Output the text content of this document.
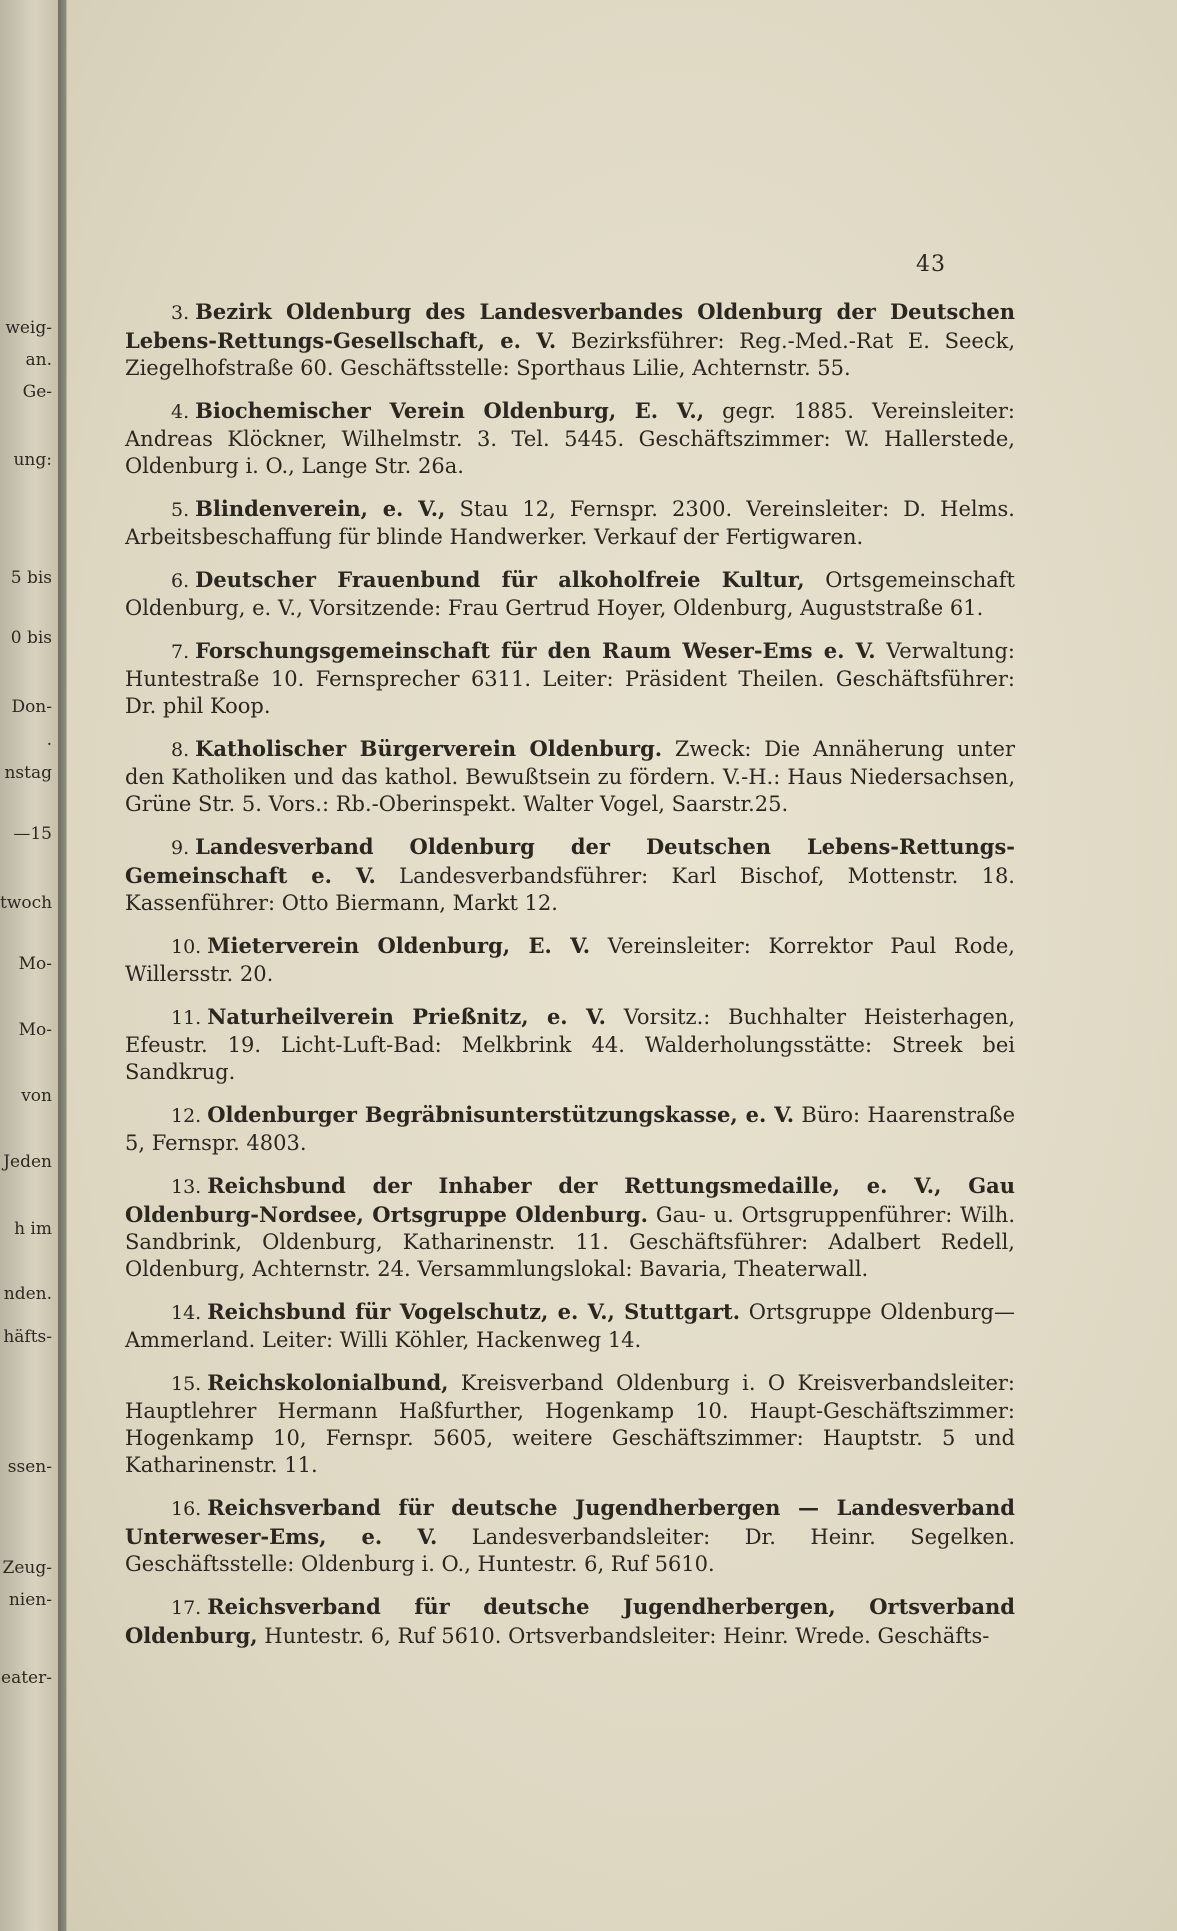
weig-
an.
Ge-
ung:
5 bis
0 bis
Don-
.
nstag
—15
twoch
Mo-
Mo-
von
Jeden
h im
nden.
häfts-
ssen-
Zeug-
nien-
eater-
43
3. Bezirk Oldenburg des Landesverbandes Oldenburg der Deutschen Lebens-Rettungs-Gesellschaft, e. V. Bezirksführer: Reg.-Med.-Rat E. Seeck, Ziegelhofstraße 60. Geschäftsstelle: Sporthaus Lilie, Achternstr. 55.
4. Biochemischer Verein Oldenburg, E. V., gegr. 1885. Vereinsleiter: Andreas Klöckner, Wilhelmstr. 3. Tel. 5445. Geschäftszimmer: W. Hallerstede, Oldenburg i. O., Lange Str. 26a.
5. Blindenverein, e. V., Stau 12, Fernspr. 2300. Vereinsleiter: D. Helms. Arbeitsbeschaffung für blinde Handwerker. Verkauf der Fertigwaren.
6. Deutscher Frauenbund für alkoholfreie Kultur, Ortsgemeinschaft Oldenburg, e. V., Vorsitzende: Frau Gertrud Hoyer, Oldenburg, Auguststraße 61.
7. Forschungsgemeinschaft für den Raum Weser-Ems e. V. Verwaltung: Huntestraße 10. Fernsprecher 6311. Leiter: Präsident Theilen. Geschäftsführer: Dr. phil Koop.
8. Katholischer Bürgerverein Oldenburg. Zweck: Die Annäherung unter den Katholiken und das kathol. Bewußtsein zu fördern. V.-H.: Haus Niedersachsen, Grüne Str. 5. Vors.: Rb.-Oberinspekt. Walter Vogel, Saarstr.25.
9. Landesverband Oldenburg der Deutschen Lebens-Rettungs-Gemeinschaft e. V. Landesverbandsführer: Karl Bischof, Mottenstr. 18. Kassenführer: Otto Biermann, Markt 12.
10. Mieterverein Oldenburg, E. V. Vereinsleiter: Korrektor Paul Rode, Willersstr. 20.
11. Naturheilverein Prießnitz, e. V. Vorsitz.: Buchhalter Heisterhagen, Efeustr. 19. Licht-Luft-Bad: Melkbrink 44. Walderholungsstätte: Streek bei Sandkrug.
12. Oldenburger Begräbnisunterstützungskasse, e. V. Büro: Haarenstraße 5, Fernspr. 4803.
13. Reichsbund der Inhaber der Rettungsmedaille, e. V., Gau Oldenburg-Nordsee, Ortsgruppe Oldenburg. Gau- u. Ortsgruppenführer: Wilh. Sandbrink, Oldenburg, Katharinenstr. 11. Geschäftsführer: Adalbert Redell, Oldenburg, Achternstr. 24. Versammlungslokal: Bavaria, Theaterwall.
14. Reichsbund für Vogelschutz, e. V., Stuttgart. Ortsgruppe Oldenburg—Ammerland. Leiter: Willi Köhler, Hackenweg 14.
15. Reichskolonialbund, Kreisverband Oldenburg i. O Kreisverbandsleiter: Hauptlehrer Hermann Haßfurther, Hogenkamp 10. Haupt-Geschäftszimmer: Hogenkamp 10, Fernspr. 5605, weitere Geschäftszimmer: Hauptstr. 5 und Katharinenstr. 11.
16. Reichsverband für deutsche Jugendherbergen — Landesverband Unterweser-Ems, e. V. Landesverbandsleiter: Dr. Heinr. Segelken. Geschäftsstelle: Oldenburg i. O., Huntestr. 6, Ruf 5610.
17. Reichsverband für deutsche Jugendherbergen, Ortsverband Oldenburg, Huntestr. 6, Ruf 5610. Ortsverbandsleiter: Heinr. Wrede. Geschäfts-
